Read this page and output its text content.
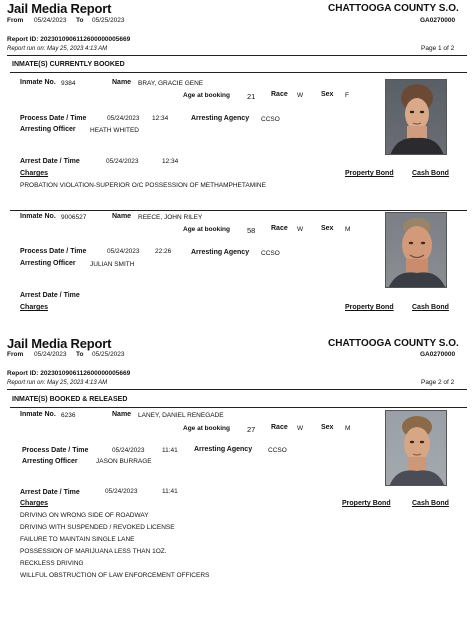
Jail Media Report	CHATTOOGA COUNTY S.O.
From 05/24/2023 To 05/25/2023	GA0270000
Report ID: 2023010906112600000005669
Report run on: May 25, 2023 4:13 AM	Page 1 of 2
INMATE(S) CURRENTLY BOOKED
Inmate No. 9384	Name BRAY, GRACIE GENE
Age at booking 21 Race W	Sex F
Process Date / Time	05/24/2023 12:34	Arresting Agency CCSO
Arresting Officer HEATH WHITED
Arrest Date / Time	05/24/2023	12:34
Charges	Property Bond	Cash Bond
PROBATION VIOLATION-SUPERIOR O/C POSSESSION OF METHAMPHETAMINE
Inmate No. 9006527	Name REECE, JOHN RILEY
Age at booking 58 Race W	Sex M
Process Date / Time	05/24/2023 22:26	Arresting Agency CCSO
Arresting Officer JULIAN SMITH
Arrest Date / Time
Charges	Property Bond	Cash Bond
Jail Media Report	CHATTOOGA COUNTY S.O.
From 05/24/2023 To 05/25/2023	GA0270000
Report ID: 2023010906112600000005669
Report run on: May 25, 2023 4:13 AM	Page 2 of 2
INMATE(S) BOOKED & RELEASED
Inmate No. 6236	Name LANEY, DANIEL RENEGADE
Age at booking 27 Race W	Sex M
Process Date / Time	05/24/2023	11:41 Arresting Agency CCSO
Arresting Officer	JASON BURRAGE
Arrest Date / Time	05/24/2023	11:41
Charges	Property Bond	Cash Bond
DRIVING ON WRONG SIDE OF ROADWAY
DRIVING WITH SUSPENDED / REVOKED LICENSE
FAILURE TO MAINTAIN SINGLE LANE
POSSESSION OF MARIJUANA LESS THAN 1OZ.
RECKLESS DRIVING
WILLFUL OBSTRUCTION OF LAW ENFORCEMENT OFFICERS
